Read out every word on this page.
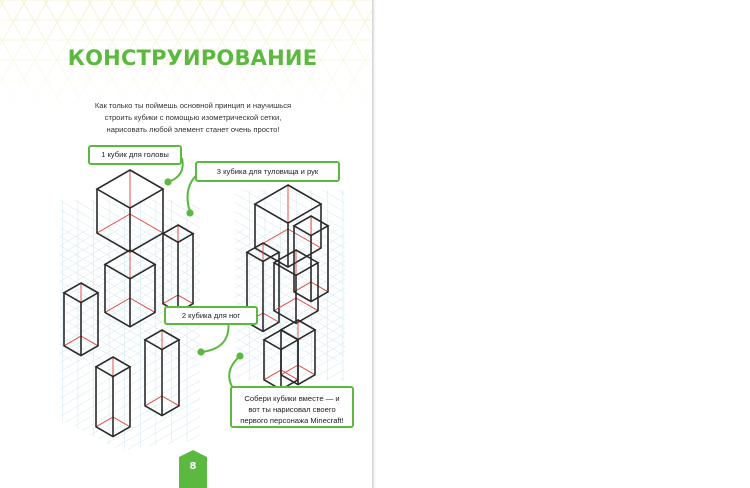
КОНСТРУИРОВАНИЕ
Как только ты поймешь основной принцип и научишься
строить кубики с помощью изометрической сетки,
нарисовать любой элемент станет очень просто!
1 кубик для головы
3 кубика для туловища и рук
2 кубика для ног
Собери кубики вместе — и
вот ты нарисовал своего
первого персонажа Minecraft!
8
